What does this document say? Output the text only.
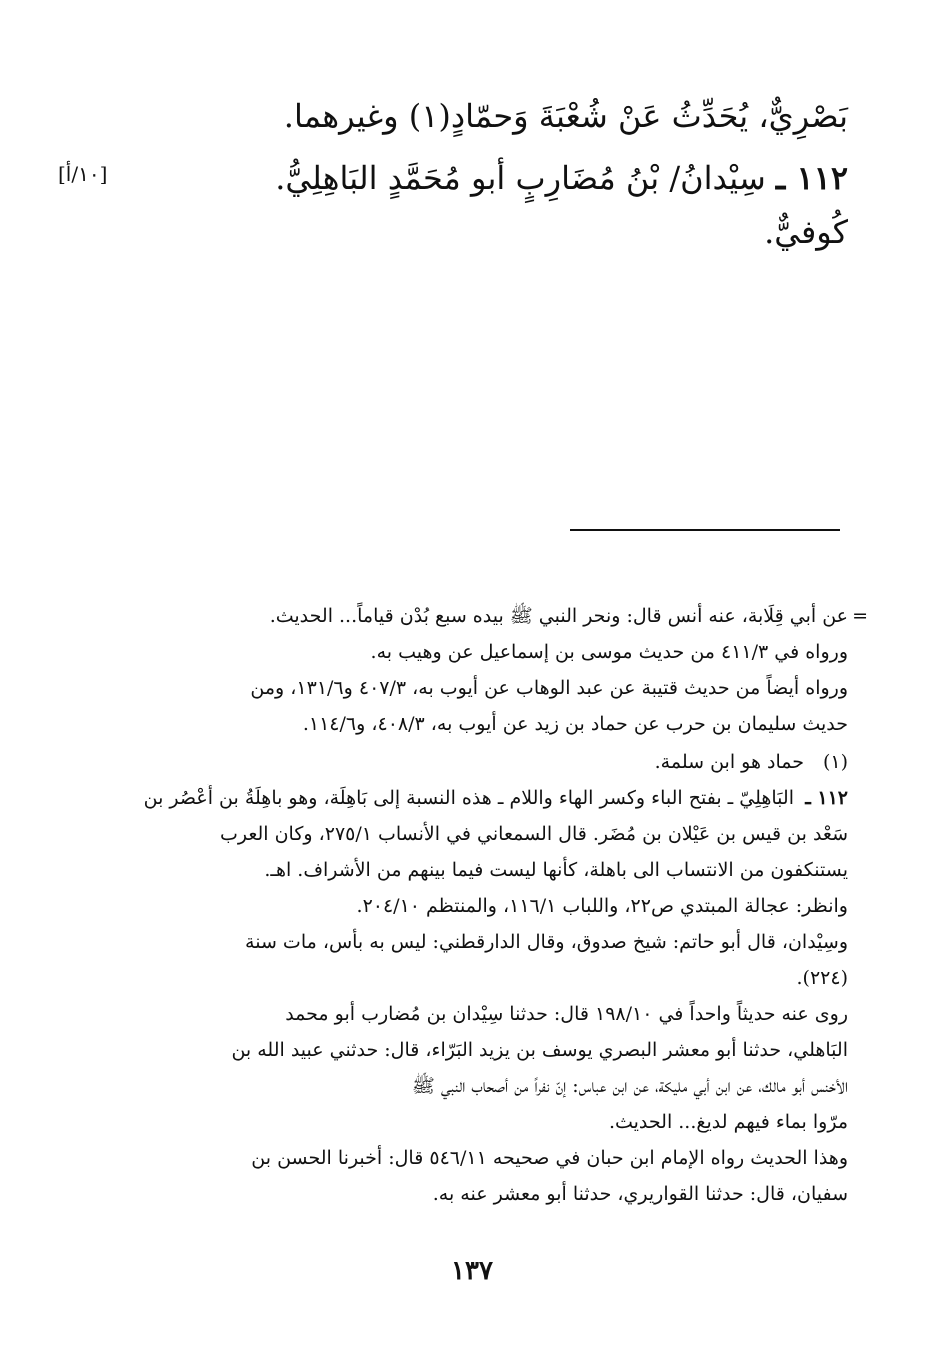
بَصْرِيٌّ، يُحَدِّثُ عَنْ شُعْبَةَ وَحمّادٍ(١) وغيرهما.
١١٢ ـ سِيْدانُ/ بْنُ مُضَارِبٍ أبو مُحَمَّدٍ البَاهِلِيُّ.
كُوفيٌّ.
[١٠/أ]
=
عن أبي قِلَابة، عنه أنس قال: ونحر النبي ﷺ بيده سبع بُدْن قياماً... الحديث.
ورواه في ٤١١/٣ من حديث موسى بن إسماعيل عن وهيب به.
ورواه أيضاً من حديث قتيبة عن عبد الوهاب عن أيوب به، ٤٠٧/٣ و١٣١/٦، ومن
حديث سليمان بن حرب عن حماد بن زيد عن أيوب به، ٤٠٨/٣، و١١٤/٦.
(١)
حماد هو ابن سلمة.
١١٢ ـ
البَاهِلِيّ ـ بفتح الباء وكسر الهاء واللام ـ هذه النسبة إلى بَاهِلَة، وهو باهِلَةُ بن أَعْصُر بن
سَعْد بن قيس بن عَيْلان بن مُضَر. قال السمعاني في الأنساب ٢٧٥/١، وكان العرب
يستنكفون من الانتساب الى باهلة، كأنها ليست فيما بينهم من الأشراف. اهـ.
وانظر: عجالة المبتدي ص٢٢، واللباب ١١٦/١، والمنتظم ٢٠٤/١٠.
وسِيْدان، قال أبو حاتم: شيخ صدوق، وقال الدارقطني: ليس به بأس، مات سنة
(٢٢٤).
روى عنه حديثاً واحداً في ١٩٨/١٠ قال: حدثنا سِيْدان بن مُضارب أبو محمد
البَاهلي، حدثنا أبو معشر البصري يوسف بن يزيد البَرّاء، قال: حدثني عبيد الله بن
الأخنس أبو مالك، عن ابن أبي مليكة، عن ابن عباس: إنّ نفراً من أصحاب النبي ﷺ
مرّوا بماء فيهم لديغ... الحديث.
وهذا الحديث رواه الإمام ابن حبان في صحيحه ٥٤٦/١١ قال: أخبرنا الحسن بن
سفيان، قال: حدثنا القواريري، حدثنا أبو معشر عنه به.
١٣٧
